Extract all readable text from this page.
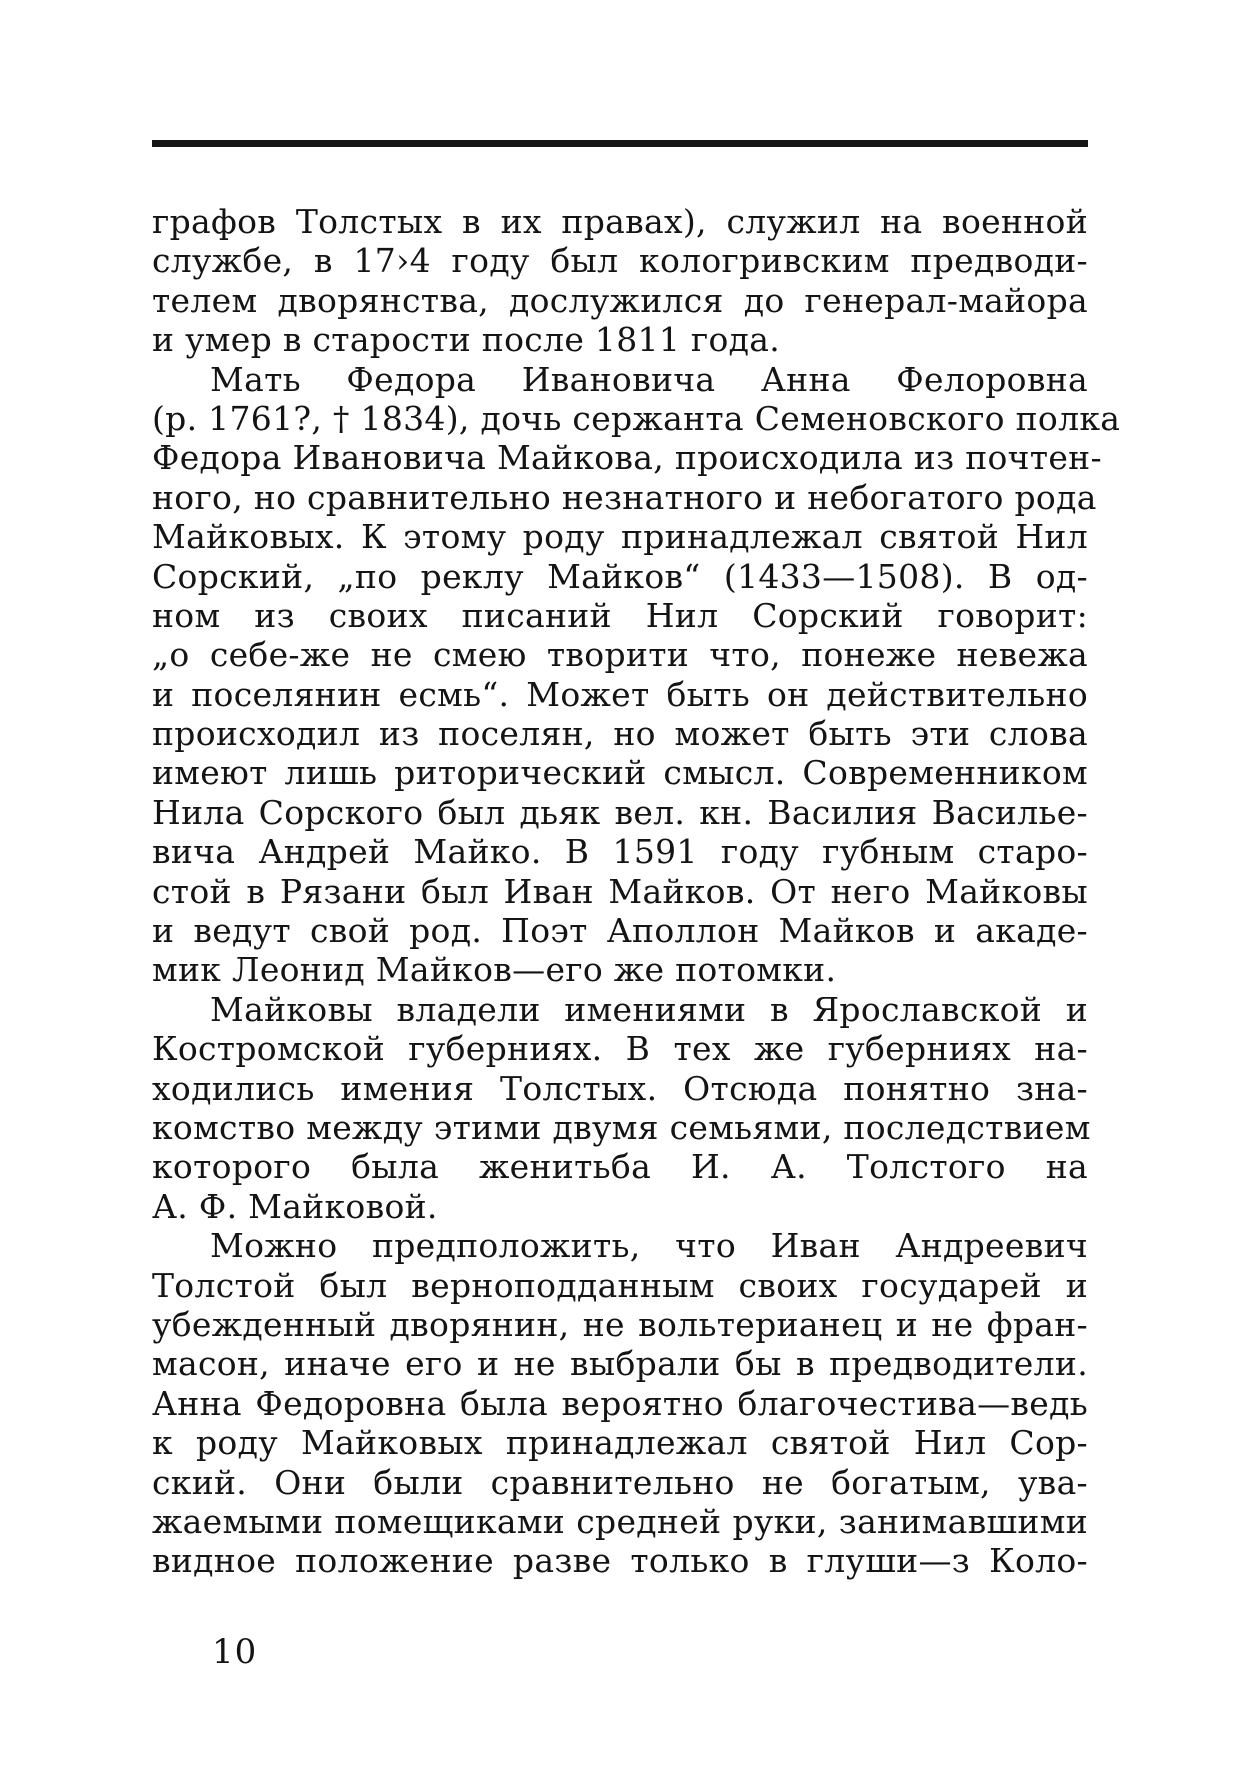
графов Толстых в их правах), служил на военной
службе, в 17›4 году был кологривским предводи-
телем дворянства, дослужился до генерал-майора
и умер в старости после 1811 года.
Мать Федора Ивановича Анна Фелоровна
(р. 1761?, † 1834), дочь сержанта Семеновского полка
Федора Ивановича Майкова, происходила из почтен-
ного, но сравнительно незнатного и небогатого рода
Майковых. К этому роду принадлежал святой Нил
Сорский, „по реклу Майков“ (1433—1508). В од-
ном из своих писаний Нил Сорский говорит:
„о себе-же не смею творити что, понеже невежа
и поселянин есмь“. Может быть он действительно
происходил из поселян, но может быть эти слова
имеют лишь риторический смысл. Современником
Нила Сорского был дьяк вел. кн. Василия Василье-
вича Андрей Майко. В 1591 году губным старо-
стой в Рязани был Иван Майков. От него Майковы
и ведут свой род. Поэт Аполлон Майков и акаде-
мик Леонид Майков—его же потомки.
Майковы владели имениями в Ярославской и
Костромской губерниях. В тех же губерниях на-
ходились имения Толстых. Отсюда понятно зна-
комство между этими двумя семьями, последствием
которого была женитьба И. А. Толстого на
А. Ф. Майковой.
Можно предположить, что Иван Андреевич
Толстой был верноподданным своих государей и
убежденный дворянин, не вольтерианец и не фран-
масон, иначе его и не выбрали бы в предводители.
Анна Федоровна была вероятно благочестива—ведь
к роду Майковых принадлежал святой Нил Сор-
ский. Они были сравнительно не богатым, ува-
жаемыми помещиками средней руки, занимавшими
видное положение разве только в глуши—з Коло-
10
